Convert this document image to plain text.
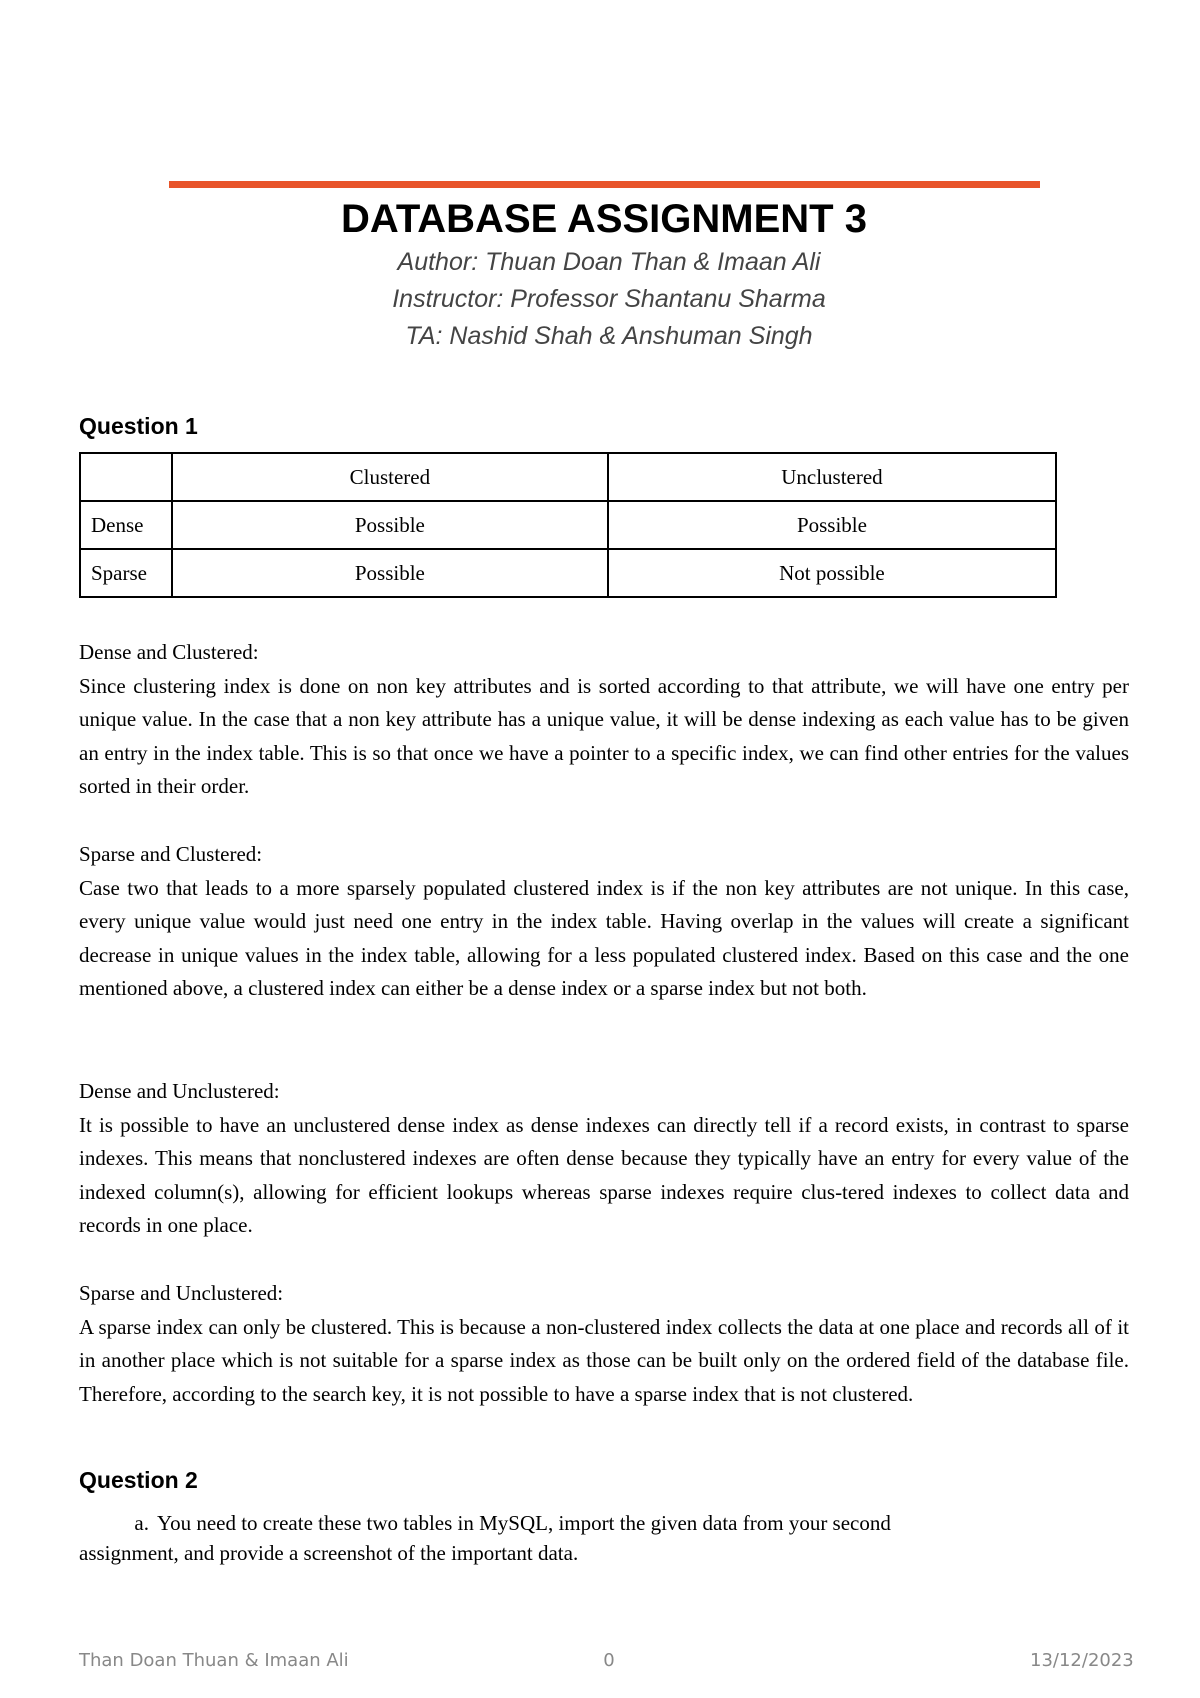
DATABASE ASSIGNMENT 3
Author: Thuan Doan Than & Imaan Ali
Instructor: Professor Shantanu Sharma
TA: Nashid Shah & Anshuman Singh
Question 1
	Clustered	Unclustered
Dense	Possible	Possible
Sparse	Possible	Not possible
Dense and Clustered:
Since clustering index is done on non key attributes and is sorted according to that attribute, we will have one entry per unique value. In the case that a non key attribute has a unique value, it will be dense indexing as each value has to be given an entry in the index table. This is so that once we have a pointer to a specific index, we can find other entries for the values sorted in their order.
Sparse and Clustered:
Case two that leads to a more sparsely populated clustered index is if the non key attributes are not unique. In this case, every unique value would just need one entry in the index table. Having overlap in the values will create a significant decrease in unique values in the index table, allowing for a less populated clustered index. Based on this case and the one mentioned above, a clustered index can either be a dense index or a sparse index but not both.
Dense and Unclustered:
It is possible to have an unclustered dense index as dense indexes can directly tell if a record exists, in contrast to sparse indexes. This means that nonclustered indexes are often dense because they typically have an entry for every value of the indexed column(s), allowing for efficient lookups whereas sparse indexes require clus-tered indexes to collect data and records in one place.
Sparse and Unclustered:
A sparse index can only be clustered. This is because a non-clustered index collects the data at one place and records all of it in another place which is not suitable for a sparse index as those can be built only on the ordered field of the database file. Therefore, according to the search key, it is not possible to have a sparse index that is not clustered.
Question 2
a. You need to create these two tables in MySQL, import the given data from your second
assignment, and provide a screenshot of the important data.
Than Doan Thuan & Imaan Ali	0	13/12/2023
